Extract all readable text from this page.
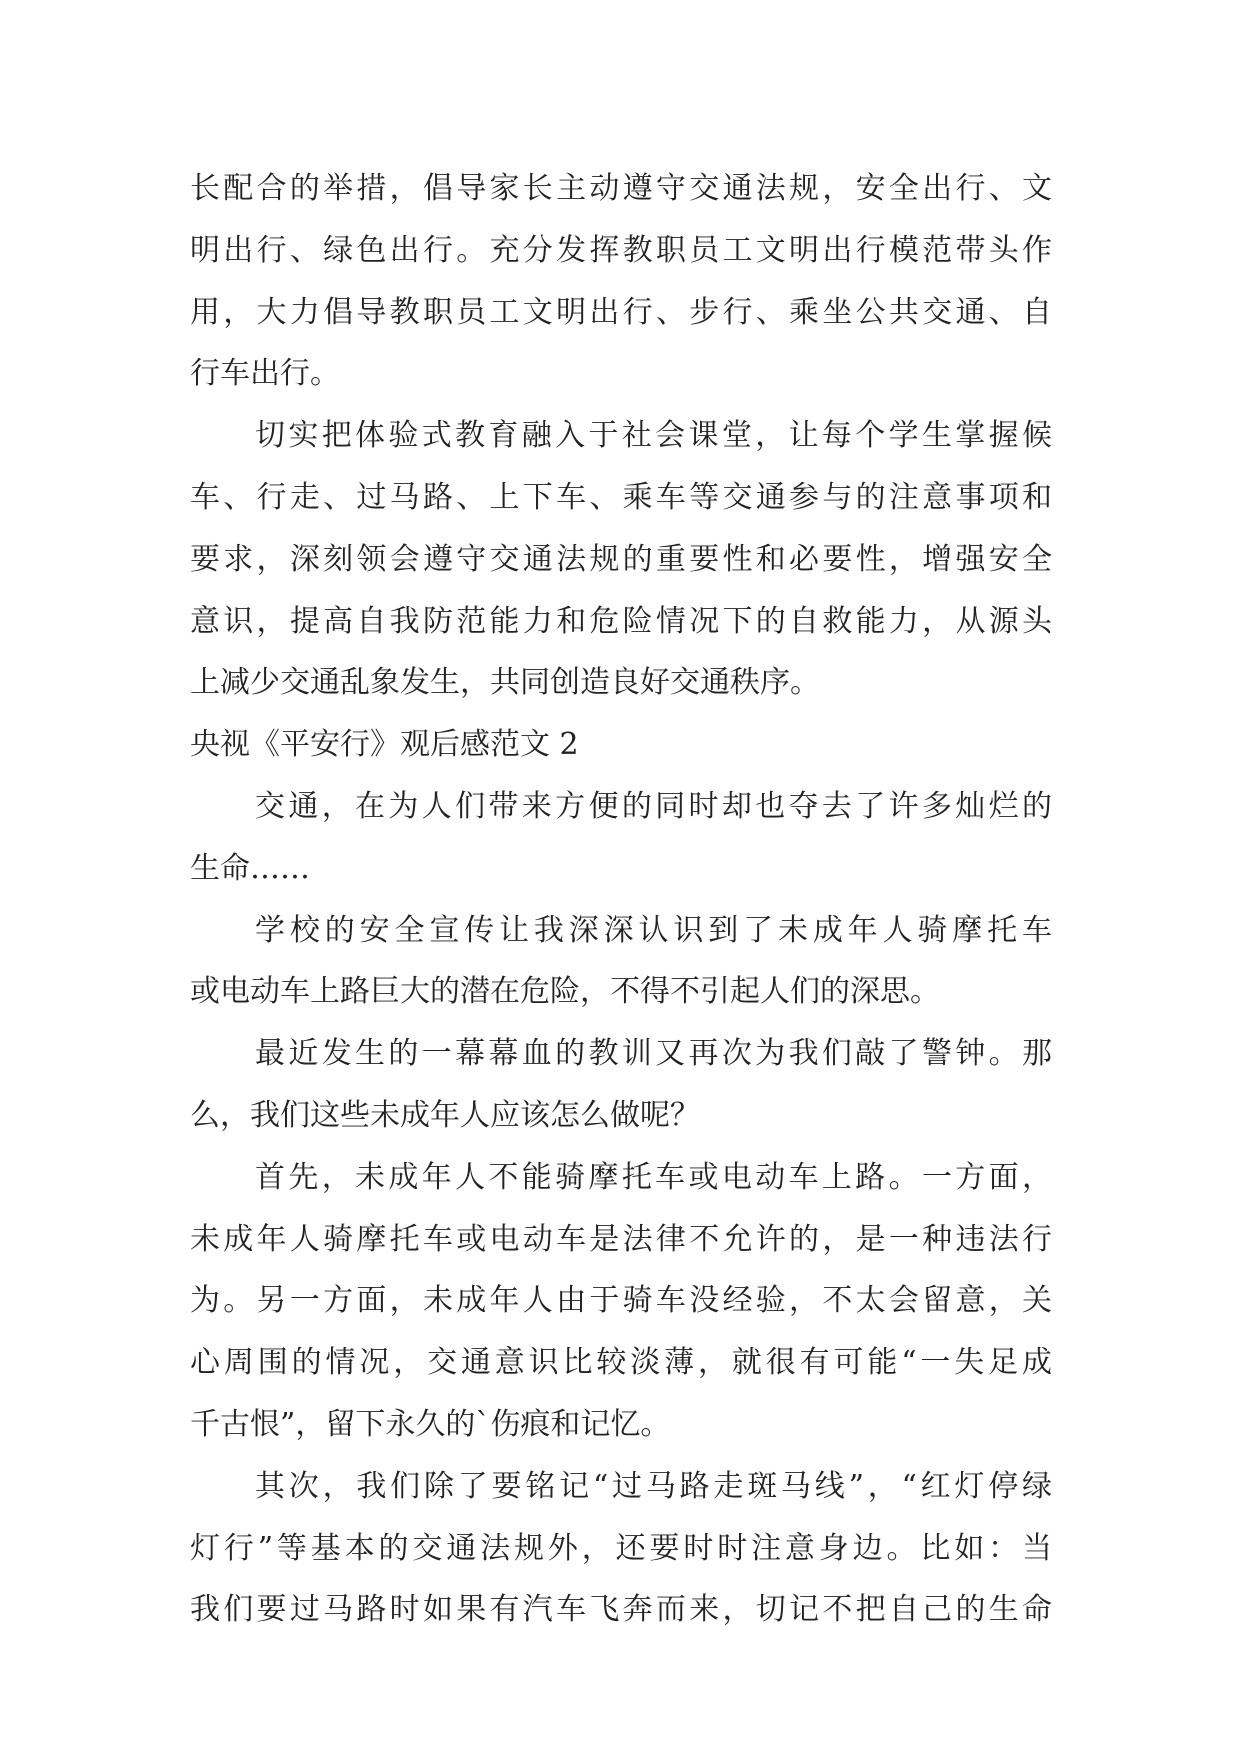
长配合的举措，倡导家长主动遵守交通法规，安全出行、文
明出行、绿色出行。充分发挥教职员工文明出行模范带头作
用，大力倡导教职员工文明出行、步行、乘坐公共交通、自
行车出行。
切实把体验式教育融入于社会课堂，让每个学生掌握候
车、行走、过马路、上下车、乘车等交通参与的注意事项和
要求，深刻领会遵守交通法规的重要性和必要性，增强安全
意识，提高自我防范能力和危险情况下的自救能力，从源头
上减少交通乱象发生，共同创造良好交通秩序。
央视《平安行》观后感范文 2
交通，在为人们带来方便的同时却也夺去了许多灿烂的
生命……
学校的安全宣传让我深深认识到了未成年人骑摩托车
或电动车上路巨大的潜在危险，不得不引起人们的深思。
最近发生的一幕幕血的教训又再次为我们敲了警钟。那
么，我们这些未成年人应该怎么做呢？
首先，未成年人不能骑摩托车或电动车上路。一方面，
未成年人骑摩托车或电动车是法律不允许的，是一种违法行
为。另一方面，未成年人由于骑车没经验，不太会留意，关
心周围的情况，交通意识比较淡薄，就很有可能“一失足成
千古恨”，留下永久的`伤痕和记忆。
其次，我们除了要铭记“过马路走斑马线”，“红灯停绿
灯行”等基本的交通法规外，还要时时注意身边。比如：当
我们要过马路时如果有汽车飞奔而来，切记不把自己的生命
